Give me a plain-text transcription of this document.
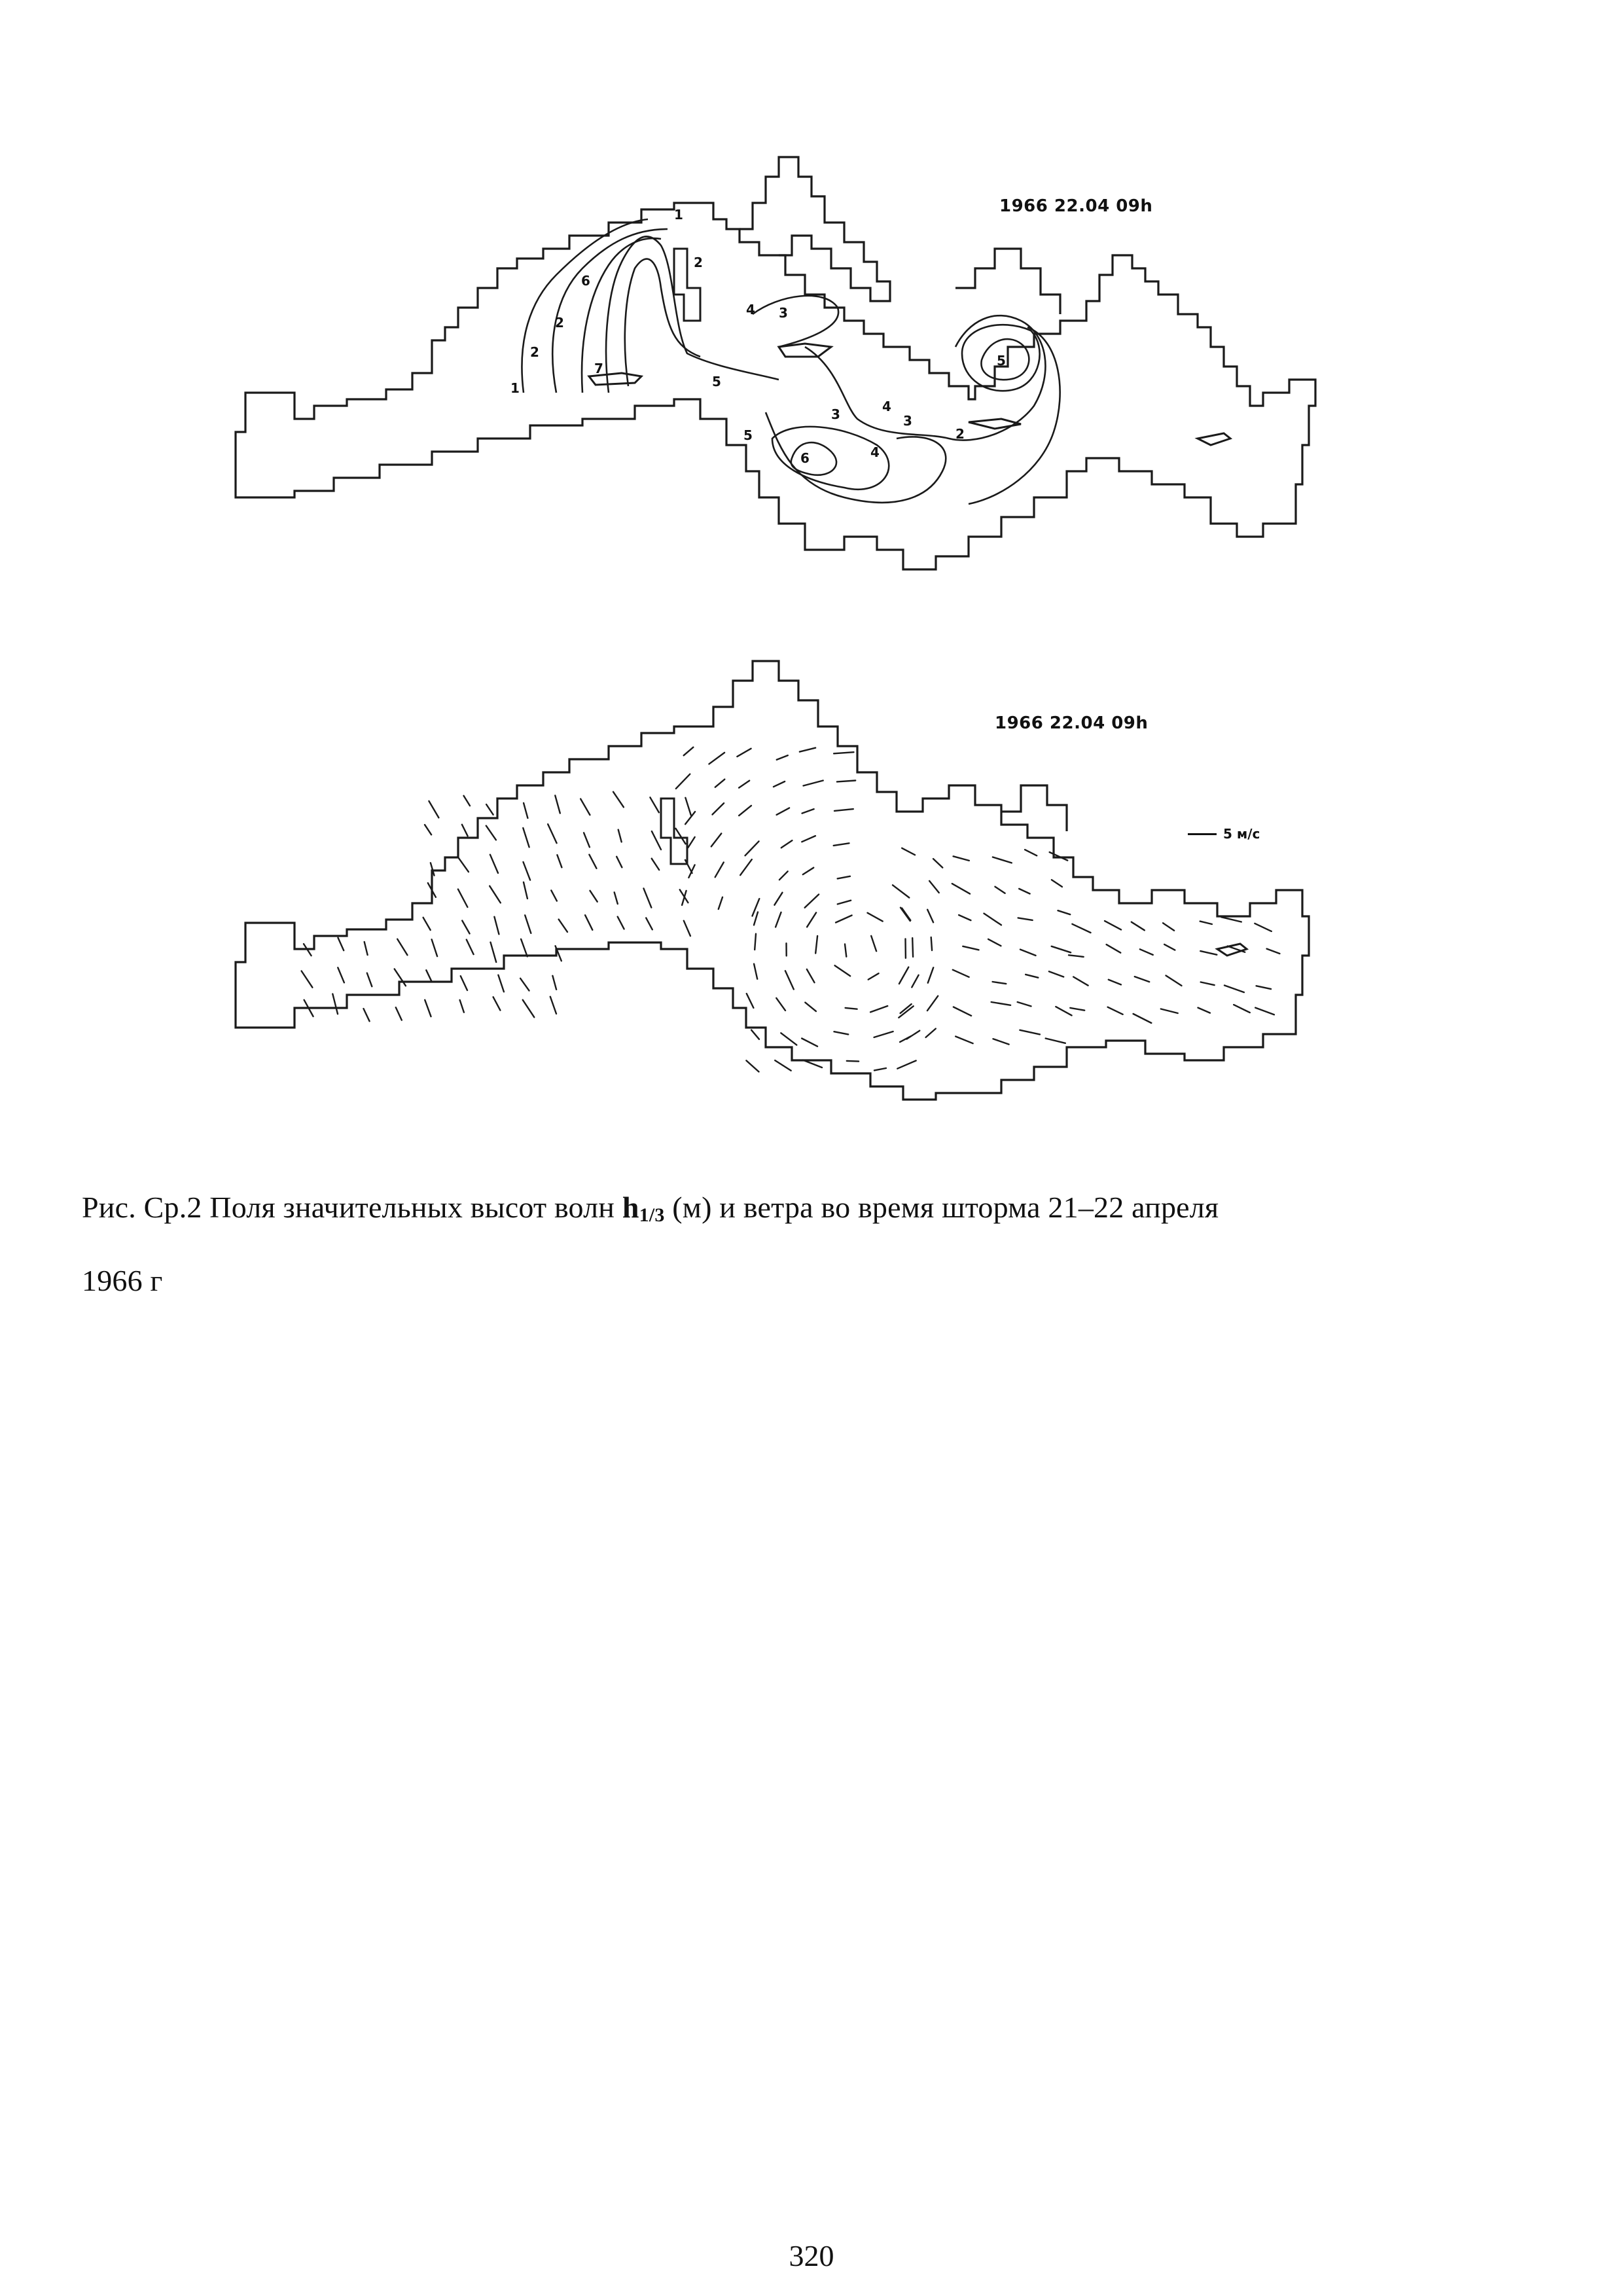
1
1
2
2
2
6
7
4 3
5
5
5
3	4
3
2
6	4
1966 22.04 09h
1966 22.04 09h
5 м/с
Рис. Ср.2 Поля значительных высот волн $h_{1/3}$ (м) и ветра во время шторма 21–22 апреля
1966 г
320
